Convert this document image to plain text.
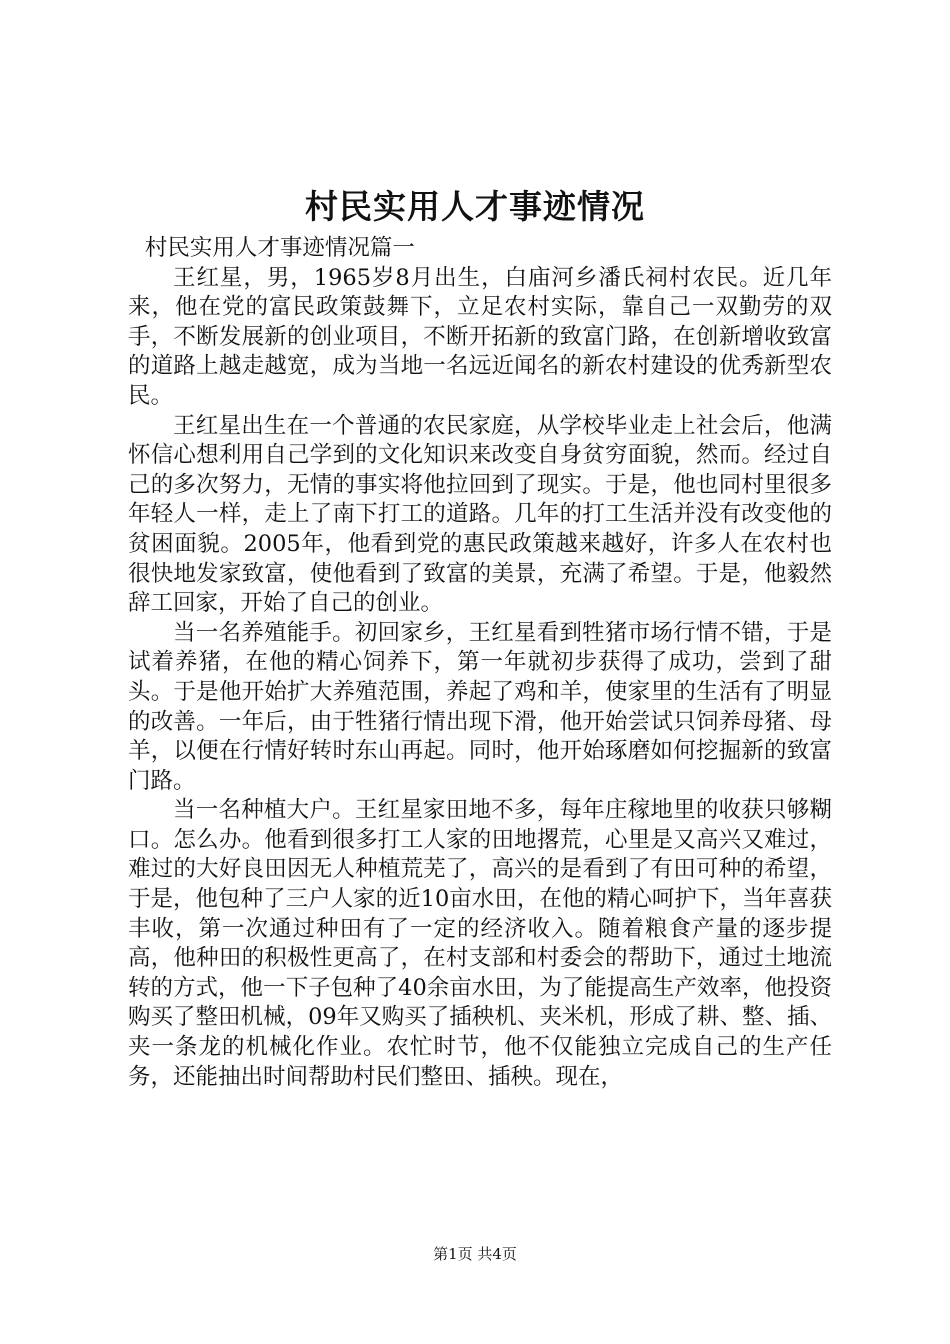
村民实用人才事迹情况

村民实用人才事迹情况篇一

王红星，男，1965岁8月出生，白庙河乡潘氏祠村农民。近几年来，他在党的富民政策鼓舞下，立足农村实际，靠自己一双勤劳的双手，不断发展新的创业项目，不断开拓新的致富门路，在创新增收致富的道路上越走越宽，成为当地一名远近闻名的新农村建设的优秀新型农民。

王红星出生在一个普通的农民家庭，从学校毕业走上社会后，他满怀信心想利用自己学到的文化知识来改变自身贫穷面貌，然而。经过自己的多次努力，无情的事实将他拉回到了现实。于是，他也同村里很多年轻人一样，走上了南下打工的道路。几年的打工生活并没有改变他的贫困面貌。2005年，他看到党的惠民政策越来越好，许多人在农村也很快地发家致富，使他看到了致富的美景，充满了希望。于是，他毅然辞工回家，开始了自己的创业。

当一名养殖能手。初回家乡，王红星看到牲猪市场行情不错，于是试着养猪，在他的精心饲养下，第一年就初步获得了成功，尝到了甜头。于是他开始扩大养殖范围，养起了鸡和羊，使家里的生活有了明显的改善。一年后，由于牲猪行情出现下滑，他开始尝试只饲养母猪、母羊，以便在行情好转时东山再起。同时，他开始琢磨如何挖掘新的致富门路。

当一名种植大户。王红星家田地不多，每年庄稼地里的收获只够糊口。怎么办。他看到很多打工人家的田地撂荒，心里是又高兴又难过，难过的大好良田因无人种植荒芜了，高兴的是看到了有田可种的希望，于是，他包种了三户人家的近10亩水田，在他的精心呵护下，当年喜获丰收，第一次通过种田有了一定的经济收入。随着粮食产量的逐步提高，他种田的积极性更高了，在村支部和村委会的帮助下，通过土地流转的方式，他一下子包种了40余亩水田，为了能提高生产效率，他投资购买了整田机械，09年又购买了插秧机、夹米机，形成了耕、整、插、夹一条龙的机械化作业。农忙时节，他不仅能独立完成自己的生产任务，还能抽出时间帮助村民们整田、插秧。现在，

第1页 共4页
